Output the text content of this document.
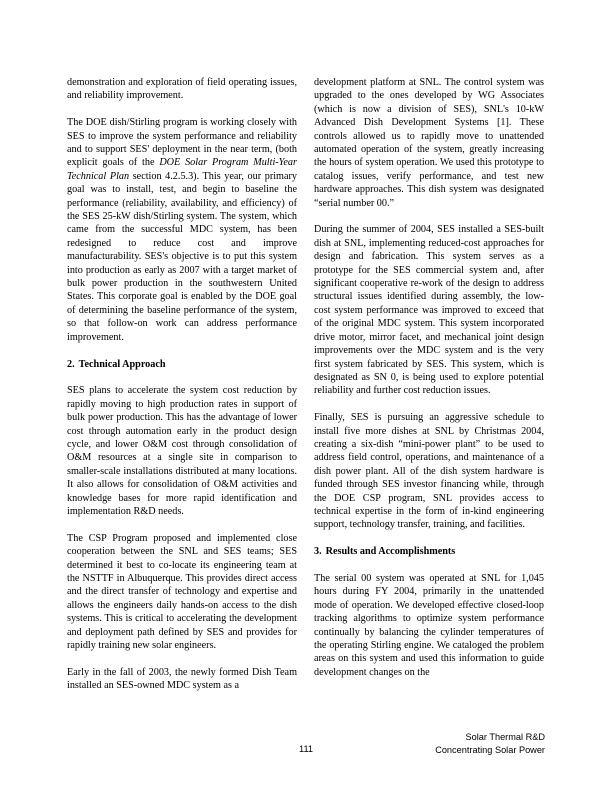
demonstration and exploration of field operating issues, and reliability improvement.

The DOE dish/Stirling program is working closely with SES to improve the system performance and reliability and to support SES' deployment in the near term, (both explicit goals of the DOE Solar Program Multi-Year Technical Plan section 4.2.5.3). This year, our primary goal was to install, test, and begin to baseline the performance (reliability, availability, and efficiency) of the SES 25-kW dish/Stirling system. The system, which came from the successful MDC system, has been redesigned to reduce cost and improve manufacturability. SES's objective is to put this system into production as early as 2007 with a target market of bulk power production in the southwestern United States. This corporate goal is enabled by the DOE goal of determining the baseline performance of the system, so that follow-on work can address performance improvement.

2. Technical Approach

SES plans to accelerate the system cost reduction by rapidly moving to high production rates in support of bulk power production. This has the advantage of lower cost through automation early in the product design cycle, and lower O&M cost through consolidation of O&M resources at a single site in comparison to smaller-scale installations distributed at many locations. It also allows for consolidation of O&M activities and knowledge bases for more rapid identification and implementation R&D needs.

The CSP Program proposed and implemented close cooperation between the SNL and SES teams; SES determined it best to co-locate its engineering team at the NSTTF in Albuquerque. This provides direct access and the direct transfer of technology and expertise and allows the engineers daily hands-on access to the dish systems. This is critical to accelerating the development and deployment path defined by SES and provides for rapidly training new solar engineers.

Early in the fall of 2003, the newly formed Dish Team installed an SES-owned MDC system as a

development platform at SNL. The control system was upgraded to the ones developed by WG Associates (which is now a division of SES), SNL's 10-kW Advanced Dish Development Systems [1]. These controls allowed us to rapidly move to unattended automated operation of the system, greatly increasing the hours of system operation. We used this prototype to catalog issues, verify performance, and test new hardware approaches. This dish system was designated “serial number 00.”

During the summer of 2004, SES installed a SES-built dish at SNL, implementing reduced-cost approaches for design and fabrication. This system serves as a prototype for the SES commercial system and, after significant cooperative re-work of the design to address structural issues identified during assembly, the low-cost system performance was improved to exceed that of the original MDC system. This system incorporated drive motor, mirror facet, and mechanical joint design improvements over the MDC system and is the very first system fabricated by SES. This system, which is designated as SN 0, is being used to explore potential reliability and further cost reduction issues.

Finally, SES is pursuing an aggressive schedule to install five more dishes at SNL by Christmas 2004, creating a six-dish “mini-power plant” to be used to address field control, operations, and maintenance of a dish power plant. All of the dish system hardware is funded through SES investor financing while, through the DOE CSP program, SNL provides access to technical expertise in the form of in-kind engineering support, technology transfer, training, and facilities.

3. Results and Accomplishments

The serial 00 system was operated at SNL for 1,045 hours during FY 2004, primarily in the unattended mode of operation. We developed effective closed-loop tracking algorithms to optimize system performance continually by balancing the cylinder temperatures of the operating Stirling engine. We cataloged the problem areas on this system and used this information to guide development changes on the

111
Solar Thermal R&D
Concentrating Solar Power
